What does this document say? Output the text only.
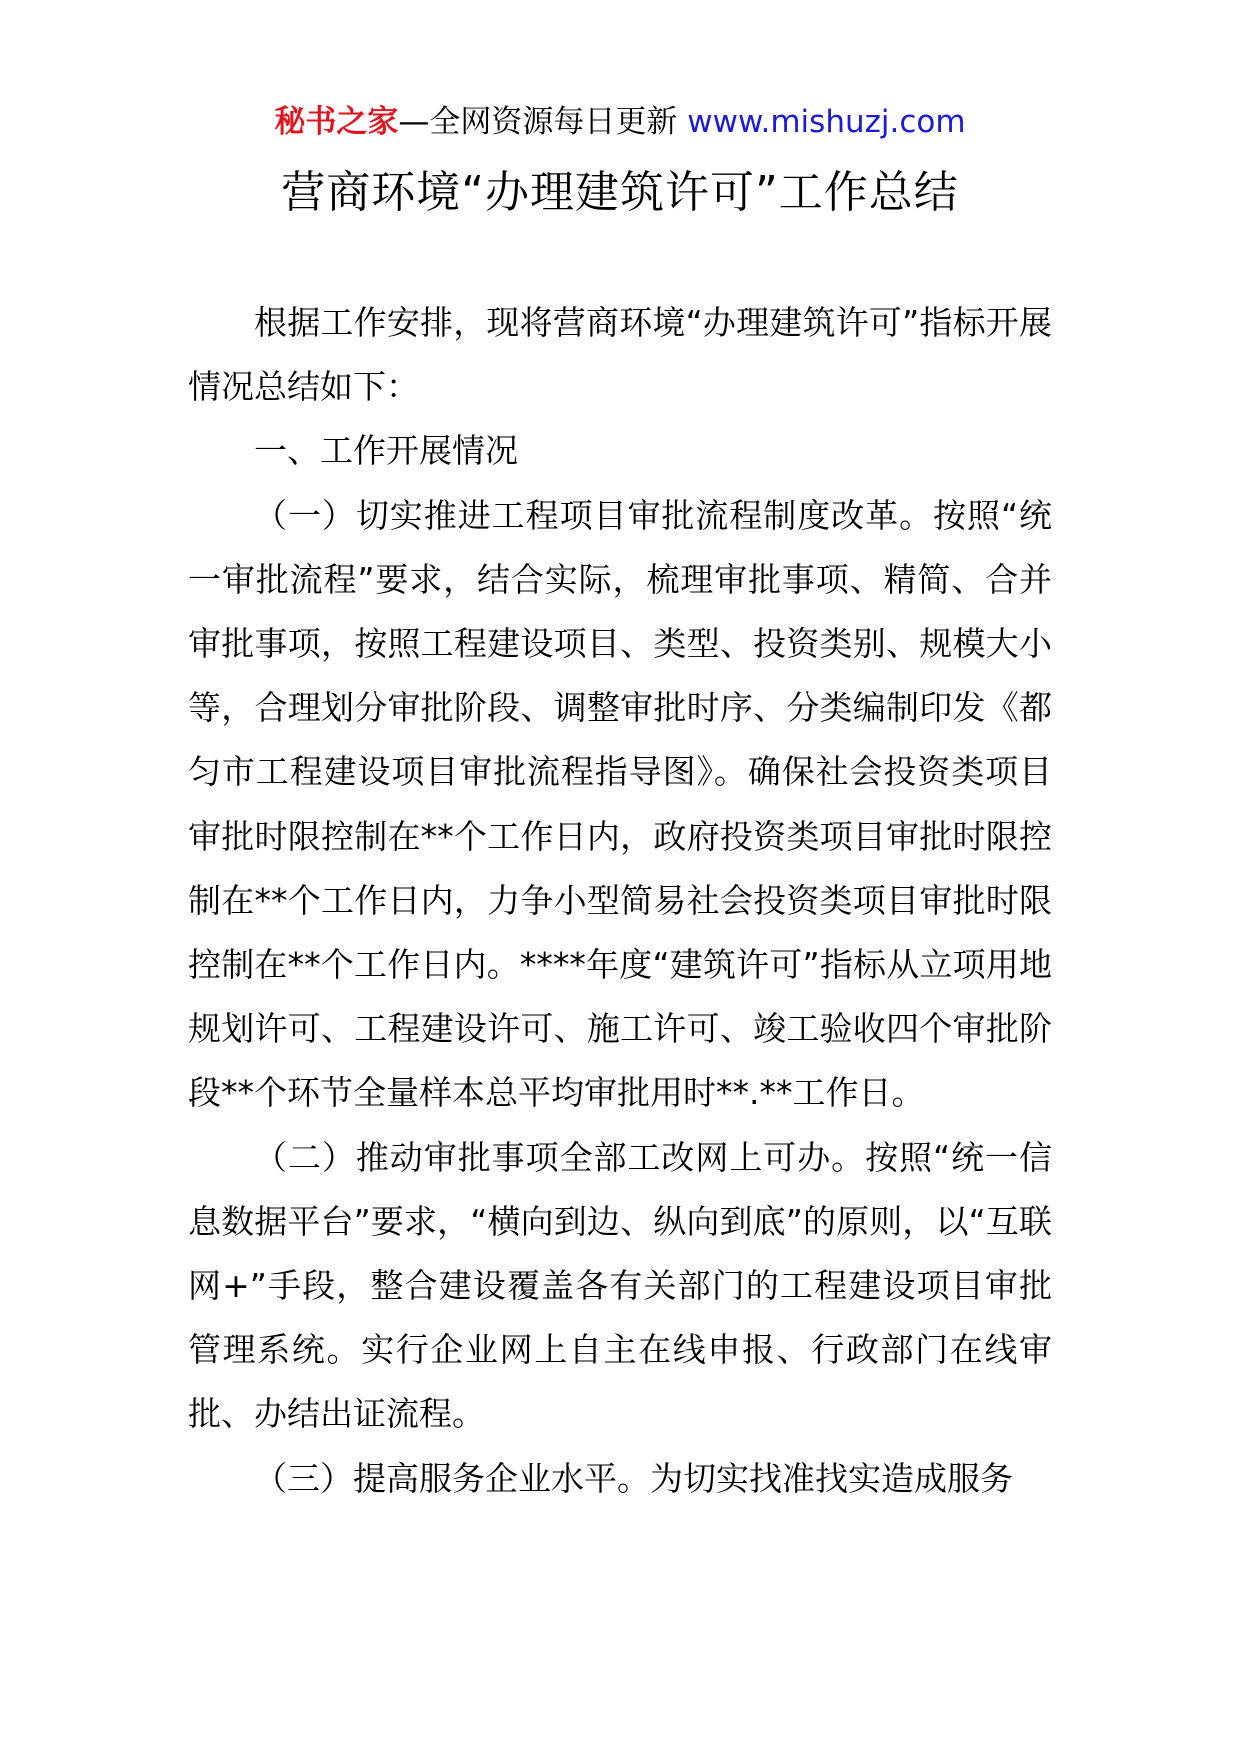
秘书之家—全网资源每日更新 www.mishuzj.com
营商环境“办理建筑许可”工作总结

根据工作安排，现将营商环境“办理建筑许可”指标开展情况总结如下：

一、工作开展情况

（一）切实推进工程项目审批流程制度改革。按照“统一审批流程”要求，结合实际，梳理审批事项、精简、合并审批事项，按照工程建设项目、类型、投资类别、规模大小等，合理划分审批阶段、调整审批时序、分类编制印发《都匀市工程建设项目审批流程指导图》。确保社会投资类项目审批时限控制在**个工作日内，政府投资类项目审批时限控制在**个工作日内，力争小型简易社会投资类项目审批时限控制在**个工作日内。****年度“建筑许可”指标从立项用地规划许可、工程建设许可、施工许可、竣工验收四个审批阶段**个环节全量样本总平均审批用时**.**工作日。

（二）推动审批事项全部工改网上可办。按照“统一信息数据平台”要求，“横向到边、纵向到底”的原则，以“互联网+”手段，整合建设覆盖各有关部门的工程建设项目审批管理系统。实行企业网上自主在线申报、行政部门在线审批、办结出证流程。

（三）提高服务企业水平。为切实找准找实造成服务
